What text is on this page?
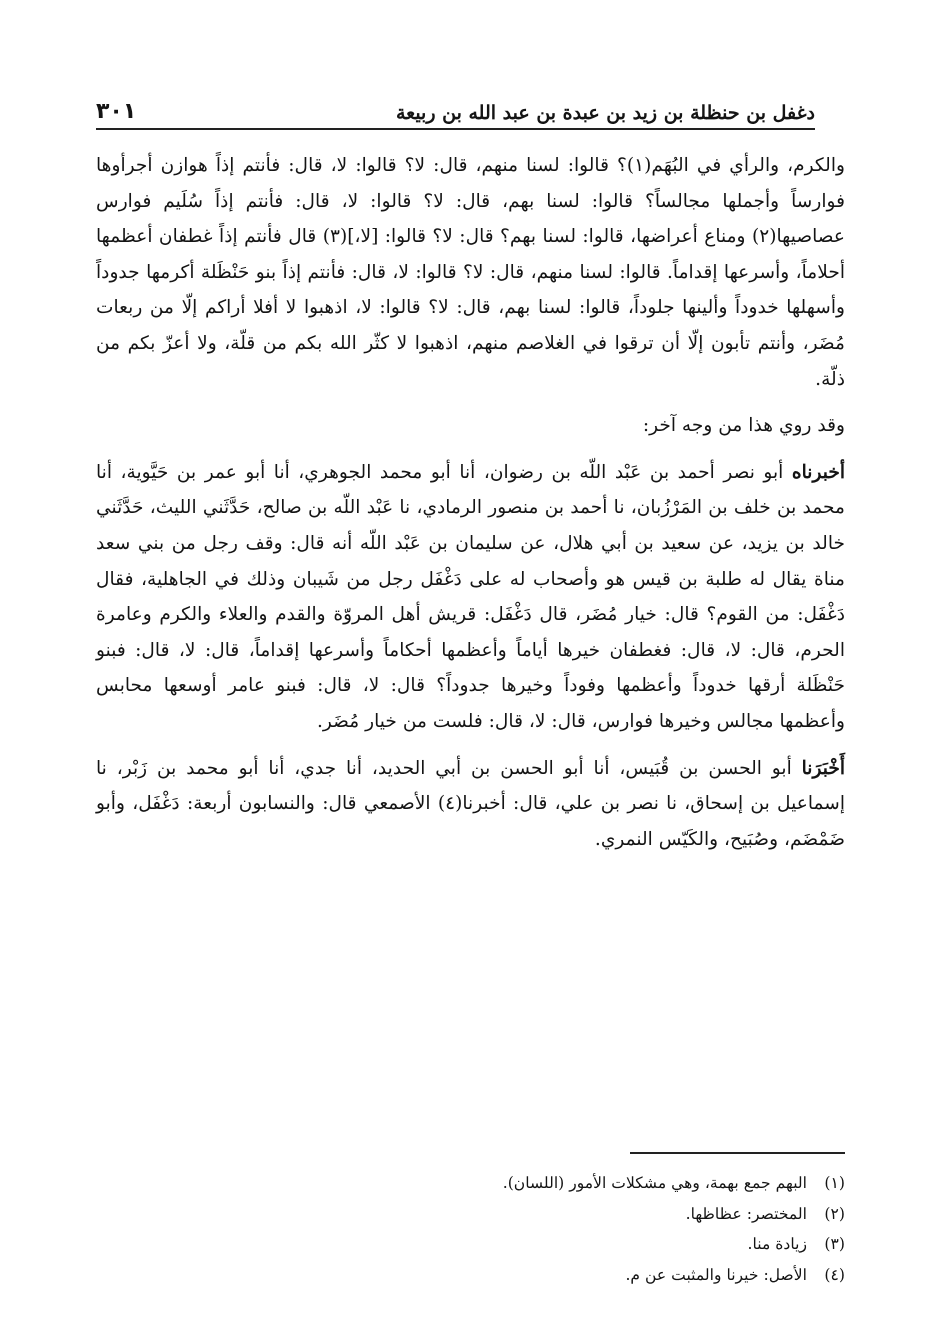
دغفل بن حنظلة بن زيد بن عبدة بن عبد الله بن ربيعة
٣٠١

والكرم، والرأي في البُهَم(١)؟ قالوا: لسنا منهم، قال: لا؟ قالوا: لا، قال: فأنتم إذاً هوازن أجرأوها فوارساً وأجملها مجالساً؟ قالوا: لسنا بهم، قال: لا؟ قالوا: لا، قال: فأنتم إذاً سُلَيم فوارس عصاصيها(٢) ومناع أعراضها، قالوا: لسنا بهم؟ قال: لا؟ قالوا: [لا،](٣) قال فأنتم إذاً غطفان أعظمها أحلاماً، وأسرعها إقداماً. قالوا: لسنا منهم، قال: لا؟ قالوا: لا، قال: فأنتم إذاً بنو حَنْظَلة أكرمها جدوداً وأسهلها خدوداً وألينها جلوداً، قالوا: لسنا بهم، قال: لا؟ قالوا: لا، اذهبوا لا أفلا أراكم إلّا من ربعات مُضَر، وأنتم تأبون إلّا أن ترقوا في الغلاصم منهم، اذهبوا لا كثّر الله بكم من قلّة، ولا أعزّ بكم من ذلّة.

وقد روي هذا من وجه آخر:

أخبرناه أبو نصر أحمد بن عَبْد اللّه بن رضوان، أنا أبو محمد الجوهري، أنا أبو عمر بن حَيَّوية، أنا محمد بن خلف بن المَرْزُبان، نا أحمد بن منصور الرمادي، نا عَبْد اللّه بن صالح، حَدَّثَني الليث، حَدَّثَني خالد بن يزيد، عن سعيد بن أبي هلال، عن سليمان بن عَبْد اللّه أنه قال: وقف رجل من بني سعد مناة يقال له طلبة بن قيس هو وأصحاب له على دَغْفَل رجل من شَيبان وذلك في الجاهلية، فقال دَغْفَل: من القوم؟ قال: خيار مُضَر، قال دَغْفَل: قريش أهل المروّة والقدم والعلاء والكرم وعامرة الحرم، قال: لا، قال: فغطفان خيرها أياماً وأعظمها أحكاماً وأسرعها إقداماً، قال: لا، قال: فبنو حَنْظَلة أرقها خدوداً وأعظمها وفوداً وخيرها جدوداً؟ قال: لا، قال: فبنو عامر أوسعها محابس وأعظمها مجالس وخيرها فوارس، قال: لا، قال: فلست من خيار مُضَر.

أَخْبَرَنا أبو الحسن بن قُبَيس، أنا أبو الحسن بن أبي الحديد، أنا جدي، أنا أبو محمد بن زَبْر، نا إسماعيل بن إسحاق، نا نصر بن علي، قال: أخبرنا(٤) الأصمعي قال: والنسابون أربعة: دَغْفَل، وأبو ضَمْضَم، وصُبَيح، والكَيّس النمري.

(١)
البهم جمع بهمة، وهي مشكلات الأمور (اللسان).
(٢)
المختصر: عظاظها.
(٣)
زيادة منا.
(٤)
الأصل: خيرنا والمثبت عن م.
